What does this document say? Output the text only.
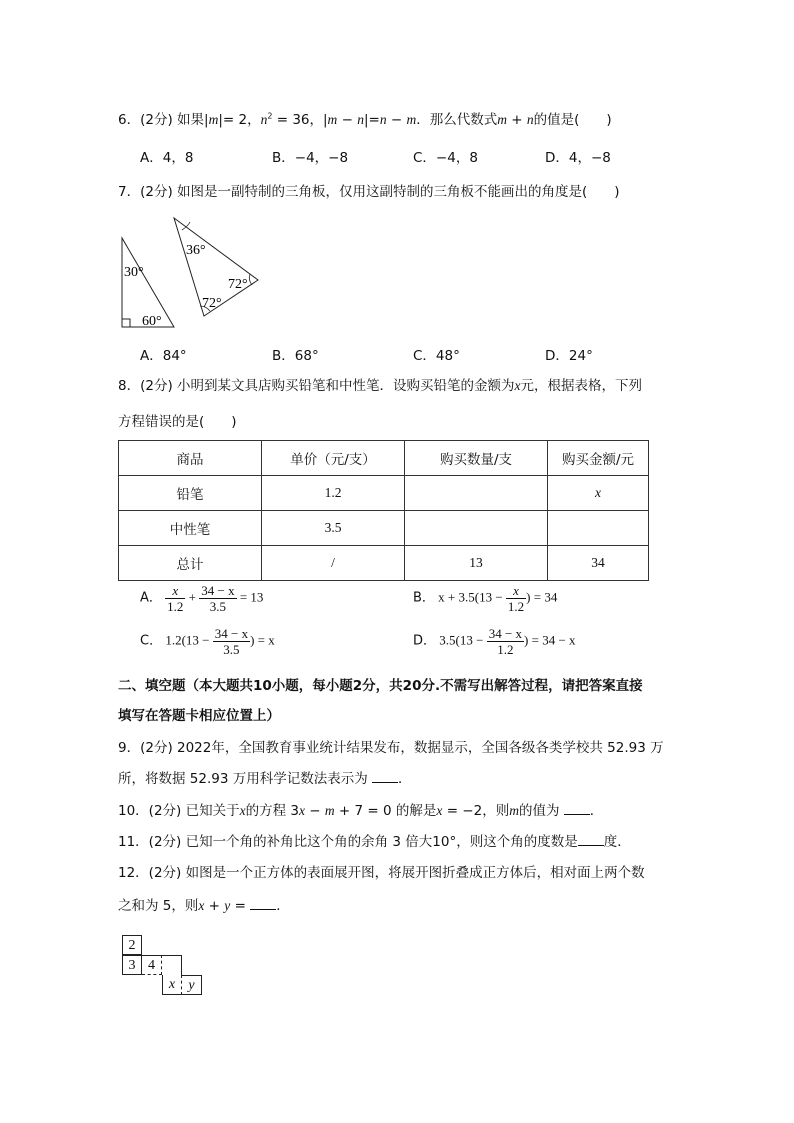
6．(2分) 如果|m|= 2，$n^2 = 36$，|m − n|=n − m．那么代数式m + n的值是(　　)
A．4，8	B．−4，−8	C．−4，8	D．4，−8
7．(2分) 如图是一副特制的三角板，仅用这副特制的三角板不能画出的角度是(　　)
30°
60°
36°
72°
72°
A．84°	B．68°	C．48°	D．24°
8．(2分) 小明到某文具店购买铅笔和中性笔．设购买铅笔的金额为x元，根据表格，下列
方程错误的是(　　)
商品	单价（元/支）	购买数量/支	购买金额/元
铅笔	1.2		x
中性笔	3.5		
总计	/	13	34
A． $\frac{x}{1.2} + \frac{34 - x}{3.5} = 13$	B． $x + 3.5(13 - \frac{x}{1.2}$ ) = 34
C． $1.2(13 - \frac{34 - x}{3.5}$ ) = x	D． $3.5(13 - \frac{34 - x}{1.2}$ ) = 34 − x
二、填空题（本大题共10小题，每小题2分，共20分.不需写出解答过程，请把答案直接
填写在答题卡相应位置上）
9．(2分) 2022年，全国教育事业统计结果发布，数据显示，全国各级各类学校共 52.93 万
所，将数据 52.93 万用科学记数法表示为 ．
10．(2分) 已知关于x的方程 3x − m + 7 = 0 的解是x = −2，则m的值为 ．
11．(2分) 已知一个角的补角比这个角的余角 3 倍大10°，则这个角的度数是 度．
12．(2分) 如图是一个正方体的表面展开图，将展开图折叠成正方体后，相对面上两个数
之和为 5，则x + y = ．
2
3 4
x y
